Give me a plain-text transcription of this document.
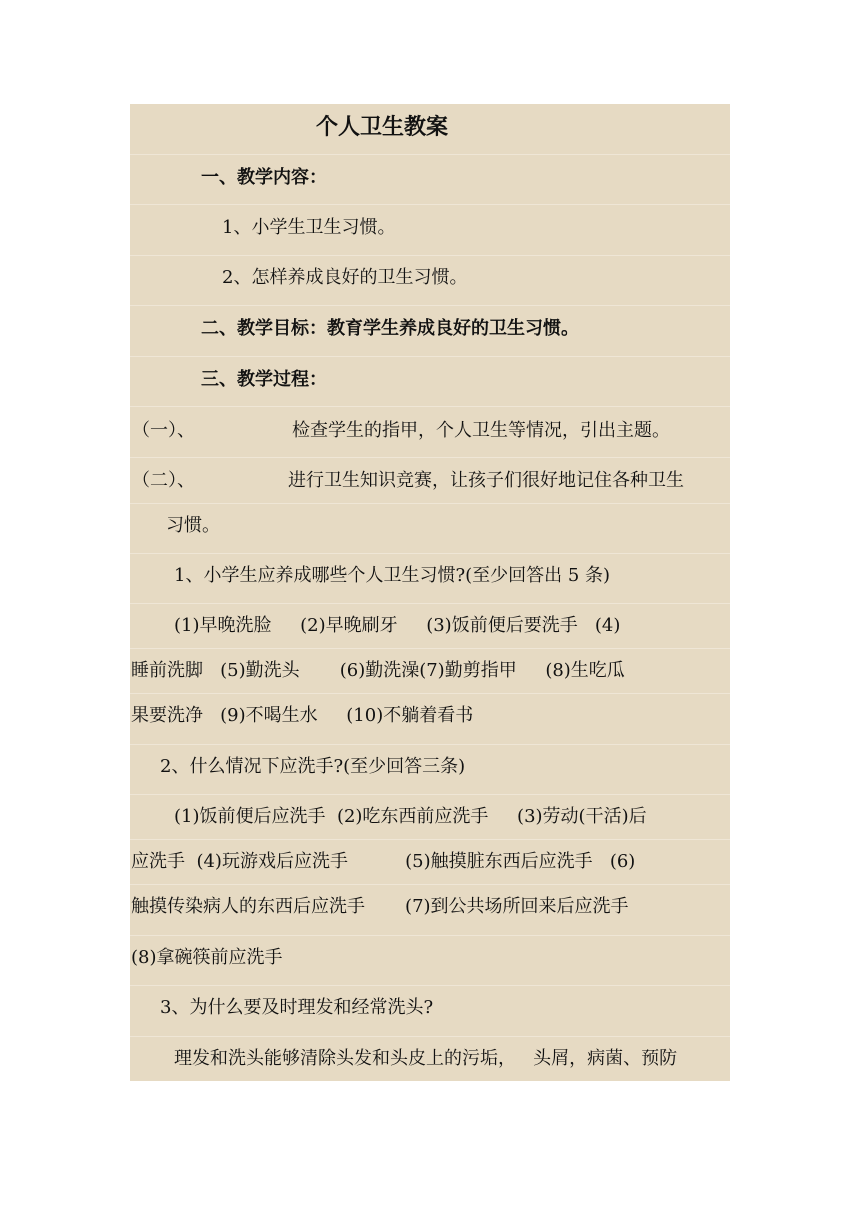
个人卫生教案
一、教学内容：
1、小学生卫生习惯。
2、怎样养成良好的卫生习惯。
二、教学目标：教育学生养成良好的卫生习惯。
三、教学过程：
（一）、	检查学生的指甲，个人卫生等情况，引出主题。
（二）、	进行卫生知识竞赛，让孩子们很好地记住各种卫生
习惯。
1、小学生应养成哪些个人卫生习惯?(至少回答出 5 条)
(1)早晚洗脸     (2)早晚刷牙     (3)饭前便后要洗手   (4)
睡前洗脚   (5)勤洗头       (6)勤洗澡(7)勤剪指甲     (8)生吃瓜
果要洗净   (9)不喝生水     (10)不躺着看书
2、什么情况下应洗手?(至少回答三条)
(1)饭前便后应洗手  (2)吃东西前应洗手     (3)劳动(干活)后
应洗手  (4)玩游戏后应洗手          (5)触摸脏东西后应洗手   (6)
触摸传染病人的东西后应洗手       (7)到公共场所回来后应洗手
(8)拿碗筷前应洗手
3、为什么要及时理发和经常洗头?
理发和洗头能够清除头发和头皮上的污垢，   头屑，病菌、预防
